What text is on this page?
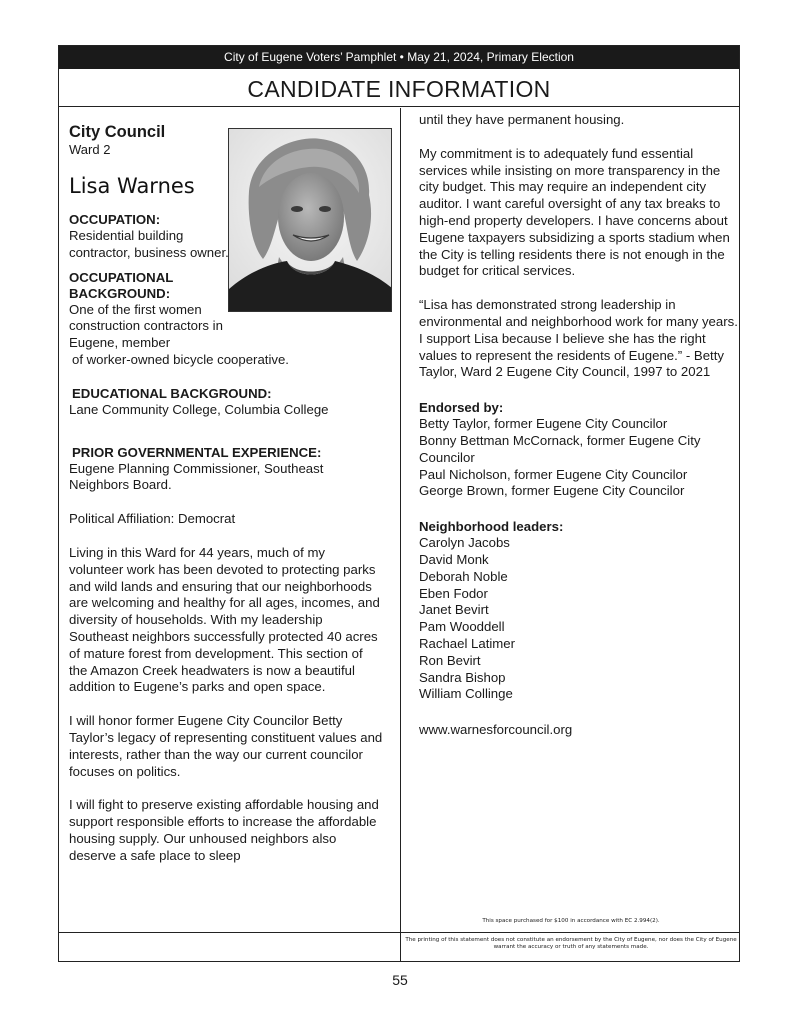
City of Eugene Voters’ Pamphlet • May 21, 2024, Primary Election
CANDIDATE INFORMATION
City Council
Ward 2
Lisa Warnes
OCCUPATION:

Residential building contractor, business owner.

OCCUPATIONAL BACKGROUND:

One of the first women construction contractors in Eugene, member

of worker-owned bicycle cooperative.

EDUCATIONAL BACKGROUND:

Lane Community College, Columbia College

PRIOR GOVERNMENTAL EXPERIENCE:

Eugene Planning Commissioner, Southeast Neighbors Board.

Political Affiliation: Democrat

Living in this Ward for 44 years, much of my volunteer work has been devoted to protecting parks and wild lands and ensuring that our neighborhoods are welcoming and healthy for all ages, incomes, and diversity of households. With my leadership Southeast neighbors successfully protected 40 acres of mature forest from development. This section of the Amazon Creek headwaters is now a beautiful addition to Eugene’s parks and open space.

I will honor former Eugene City Councilor Betty Taylor’s legacy of representing constituent values and interests, rather than the way our current councilor focuses on politics.

I will fight to preserve existing affordable housing and support responsible efforts to increase the affordable housing supply. Our unhoused neighbors also deserve a safe place to sleep

until they have permanent housing.

My commitment is to adequately fund essential services while insisting on more transparency in the city budget. This may require an independent city auditor. I want careful oversight of any tax breaks to high-end property developers. I have concerns about Eugene taxpayers subsidizing a sports stadium when the City is telling residents there is not enough in the budget for critical services.

“Lisa has demonstrated strong leadership in environmental and neighborhood work for many years. I support Lisa because I believe she has the right values to represent the residents of Eugene.” - Betty Taylor, Ward 2 Eugene City Council, 1997 to 2021

Endorsed by:
Betty Taylor, former Eugene City Councilor
Bonny Bettman McCornack, former Eugene City Councilor
Paul Nicholson, former Eugene City Councilor
George Brown, former Eugene City Councilor
Neighborhood leaders:
Carolyn Jacobs
David Monk
Deborah Noble
Eben Fodor
Janet Bevirt
Pam Wooddell
Rachael Latimer
Ron Bevirt
Sandra Bishop
William Collinge
www.warnesforcouncil.org
This space purchased for $100 in accordance with EC 2.994(2).
The printing of this statement does not constitute an endorsement by the City of Eugene, nor does the City of Eugene warrant the accuracy or truth of any statements made.
55
